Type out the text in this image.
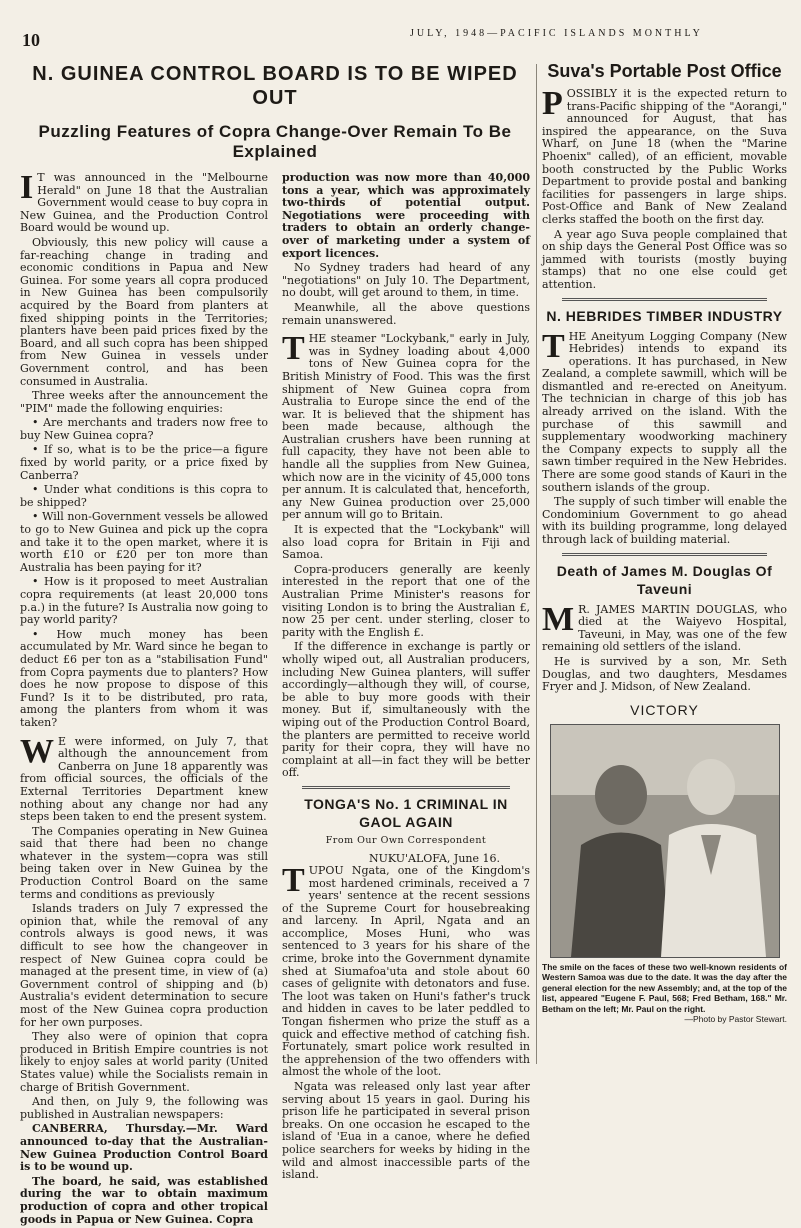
10	JULY, 1948—PACIFIC ISLANDS MONTHLY
N. GUINEA CONTROL BOARD IS TO BE WIPED OUT
Puzzling Features of Copra Change-Over Remain To Be Explained

I T was announced in the "Melbourne Herald" on June 18 that the Australian Government would cease to buy copra in New Guinea, and the Production Control Board would be wound up.

Obviously, this new policy will cause a far-reaching change in trading and economic conditions in Papua and New Guinea. For some years all copra produced in New Guinea has been compulsorily acquired by the Board from planters at fixed shipping points in the Territories; planters have been paid prices fixed by the Board, and all such copra has been shipped from New Guinea in vessels under Government control, and has been consumed in Australia.

Three weeks after the announcement the "PIM" made the following enquiries:

• Are merchants and traders now free to buy New Guinea copra?

• If so, what is to be the price—a figure fixed by world parity, or a price fixed by Canberra?

• Under what conditions is this copra to be shipped?

• Will non-Government vessels be allowed to go to New Guinea and pick up the copra and take it to the open market, where it is worth £10 or £20 per ton more than Australia has been paying for it?

• How is it proposed to meet Australian copra requirements (at least 20,000 tons p.a.) in the future? Is Australia now going to pay world parity?

• How much money has been accumulated by Mr. Ward since he began to deduct £6 per ton as a "stabilisation Fund" from Copra payments due to planters? How does he now propose to dispose of this Fund? Is it to be distributed, pro rata, among the planters from whom it was taken?

W E were informed, on July 7, that although the announcement from Canberra on June 18 apparently was from official sources, the officials of the External Territories Department knew nothing about any change nor had any steps been taken to end the present system.

The Companies operating in New Guinea said that there had been no change whatever in the system—copra was still being taken over in New Guinea by the Production Control Board on the same terms and conditions as previously

Islands traders on July 7 expressed the opinion that, while the removal of any controls always is good news, it was difficult to see how the changeover in respect of New Guinea copra could be managed at the present time, in view of (a) Government control of shipping and (b) Australia's evident determination to secure most of the New Guinea copra production for her own purposes.

They also were of opinion that copra produced in British Empire countries is not likely to enjoy sales at world parity (United States value) while the Socialists remain in charge of British Government.

And then, on July 9, the following was published in Australian newspapers:

CANBERRA, Thursday.—Mr. Ward announced to-day that the Australian-New Guinea Production Control Board is to be wound up.

The board, he said, was established during the war to obtain maximum production of copra and other tropical goods in Papua or New Guinea. Copra

production was now more than 40,000 tons a year, which was approximately two-thirds of potential output. Negotiations were proceeding with traders to obtain an orderly change-over of marketing under a system of export licences.

No Sydney traders had heard of any "negotiations" on July 10. The Department, no doubt, will get around to them, in time.

Meanwhile, all the above questions remain unanswered.

THE steamer "Lockybank," early in July, was in Sydney loading about 4,000 tons of New Guinea copra for the British Ministry of Food. This was the first shipment of New Guinea copra from Australia to Europe since the end of the war. It is believed that the shipment has been made because, although the Australian crushers have been running at full capacity, they have not been able to handle all the supplies from New Guinea, which now are in the vicinity of 45,000 tons per annum. It is calculated that, henceforth, any New Guinea production over 25,000 per annum will go to Britain.

It is expected that the "Lockybank" will also load copra for Britain in Fiji and Samoa.

Copra-producers generally are keenly interested in the report that one of the Australian Prime Minister's reasons for visiting London is to bring the Australian £, now 25 per cent. under sterling, closer to parity with the English £.

If the difference in exchange is partly or wholly wiped out, all Australian producers, including New Guinea planters, will suffer accordingly—although they will, of course, be able to buy more goods with their money. But if, simultaneously with the wiping out of the Production Control Board, the planters are permitted to receive world parity for their copra, they will have no complaint at all—in fact they will be better off.

TONGA'S No. 1 CRIMINAL IN GAOL AGAIN
From Our Own Correspondent
NUKU'ALOFA, June 16.

TUPOU Ngata, one of the Kingdom's most hardened criminals, received a 7 years' sentence at the recent sessions of the Supreme Court for housebreaking and larceny. In April, Ngata and an accomplice, Moses Huni, who was sentenced to 3 years for his share of the crime, broke into the Government dynamite shed at Siumafoa'uta and stole about 60 cases of gelignite with detonators and fuse. The loot was taken on Huni's father's truck and hidden in caves to be later peddled to Tongan fishermen who prize the stuff as a quick and effective method of catching fish. Fortunately, smart police work resulted in the apprehension of the two offenders with almost the whole of the loot.

Ngata was released only last year after serving about 15 years in gaol. During his prison life he participated in several prison breaks. On one occasion he escaped to the island of 'Eua in a canoe, where he defied police searchers for weeks by hiding in the wild and almost inaccessible parts of the island.

Suva's Portable Post Office

POSSIBLY it is the expected return to trans-Pacific shipping of the "Aorangi," announced for August, that has inspired the appearance, on the Suva Wharf, on June 18 (when the "Marine Phoenix" called), of an efficient, movable booth constructed by the Public Works Department to provide postal and banking facilities for passengers in large ships. Post-Office and Bank of New Zealand clerks staffed the booth on the first day.

A year ago Suva people complained that on ship days the General Post Office was so jammed with tourists (mostly buying stamps) that no one else could get attention.

N. HEBRIDES TIMBER INDUSTRY

THE Aneityum Logging Company (New Hebrides) intends to expand its operations. It has purchased, in New Zealand, a complete sawmill, which will be dismantled and re-erected on Aneityum. The technician in charge of this job has already arrived on the island. With the purchase of this sawmill and supplementary woodworking machinery the Company expects to supply all the sawn timber required in the New Hebrides. There are some good stands of Kauri in the southern islands of the group.

The supply of such timber will enable the Condominium Government to go ahead with its building programme, long delayed through lack of building material.

Death of James M. Douglas Of Taveuni

M R. JAMES MARTIN DOUGLAS, who died at the Waiyevo Hospital, Taveuni, in May, was one of the few remaining old settlers of the island.

He is survived by a son, Mr. Seth Douglas, and two daughters, Mesdames Fryer and J. Midson, of New Zealand.

VICTORY
The smile on the faces of these two well-known residents of Western Samoa was due to the date. It was the day after the general election for the new Assembly; and, at the top of the list, appeared "Eugene F. Paul, 568; Fred Betham, 168." Mr. Betham on the left; Mr. Paul on the right.
—Photo by Pastor Stewart.
